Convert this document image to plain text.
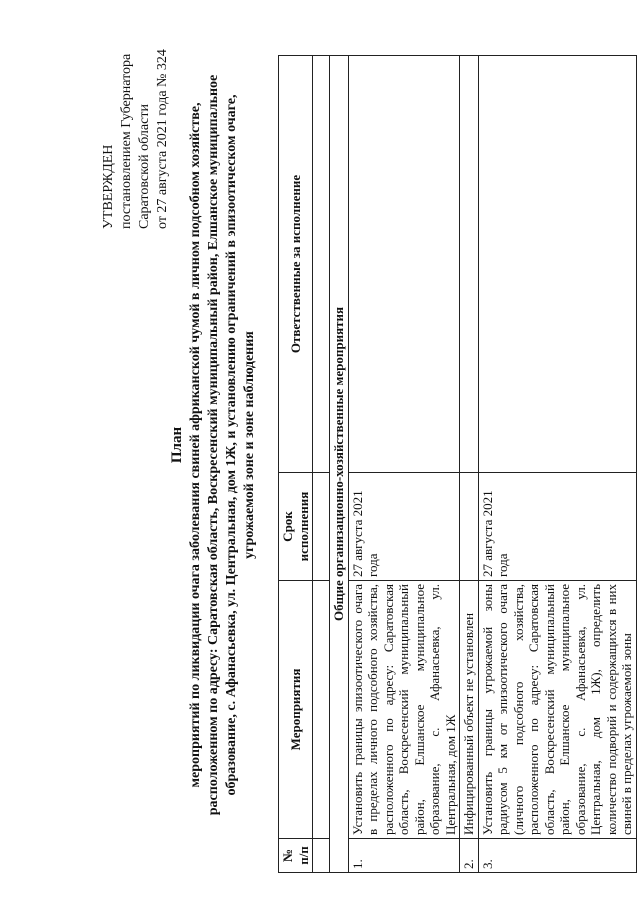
УТВЕРЖДЕН постановлением Губернатора Саратовской области от 27 августа 2021 года № 324
План мероприятий по ликвидации очага заболевания свиней африканской чумой в личном подсобном хозяйстве, расположенном по адресу: Саратовская область, Воскресенский муниципальный район, Елшанское муниципальное образование, с. Афанасьевка, ул. Центральная, дом 1Ж, и установлению ограничений в эпизоотическом очаге, угрожаемой зоне и зоне наблюдения
№ п/п	Мероприятия	Срок исполнения	Ответственные за исполнение

Общие организационно-хозяйственные мероприятия			
1.	Установить границы эпизоотического очага в пределах личного подсобного хозяйства, расположенного по адресу: Саратовская область, Воскресенский муниципальный район, Елшанское муниципальное образование, с. Афанасьевка, ул. Центральная, дом 1Ж	27 августа 2021 года	
2.	Инфицированный объект не установлен		
3.	Установить границы угрожаемой зоны радиусом 5 км от эпизоотического очага (личного подсобного хозяйства, расположенного по адресу: Саратовская область, Воскресенский муниципальный район, Елшанское муниципальное образование, с. Афанасьевка, ул. Центральная, дом 1Ж), определить количество подворий и содержащихся в них свиней в пределах угрожаемой зоны	27 августа 2021 года	
